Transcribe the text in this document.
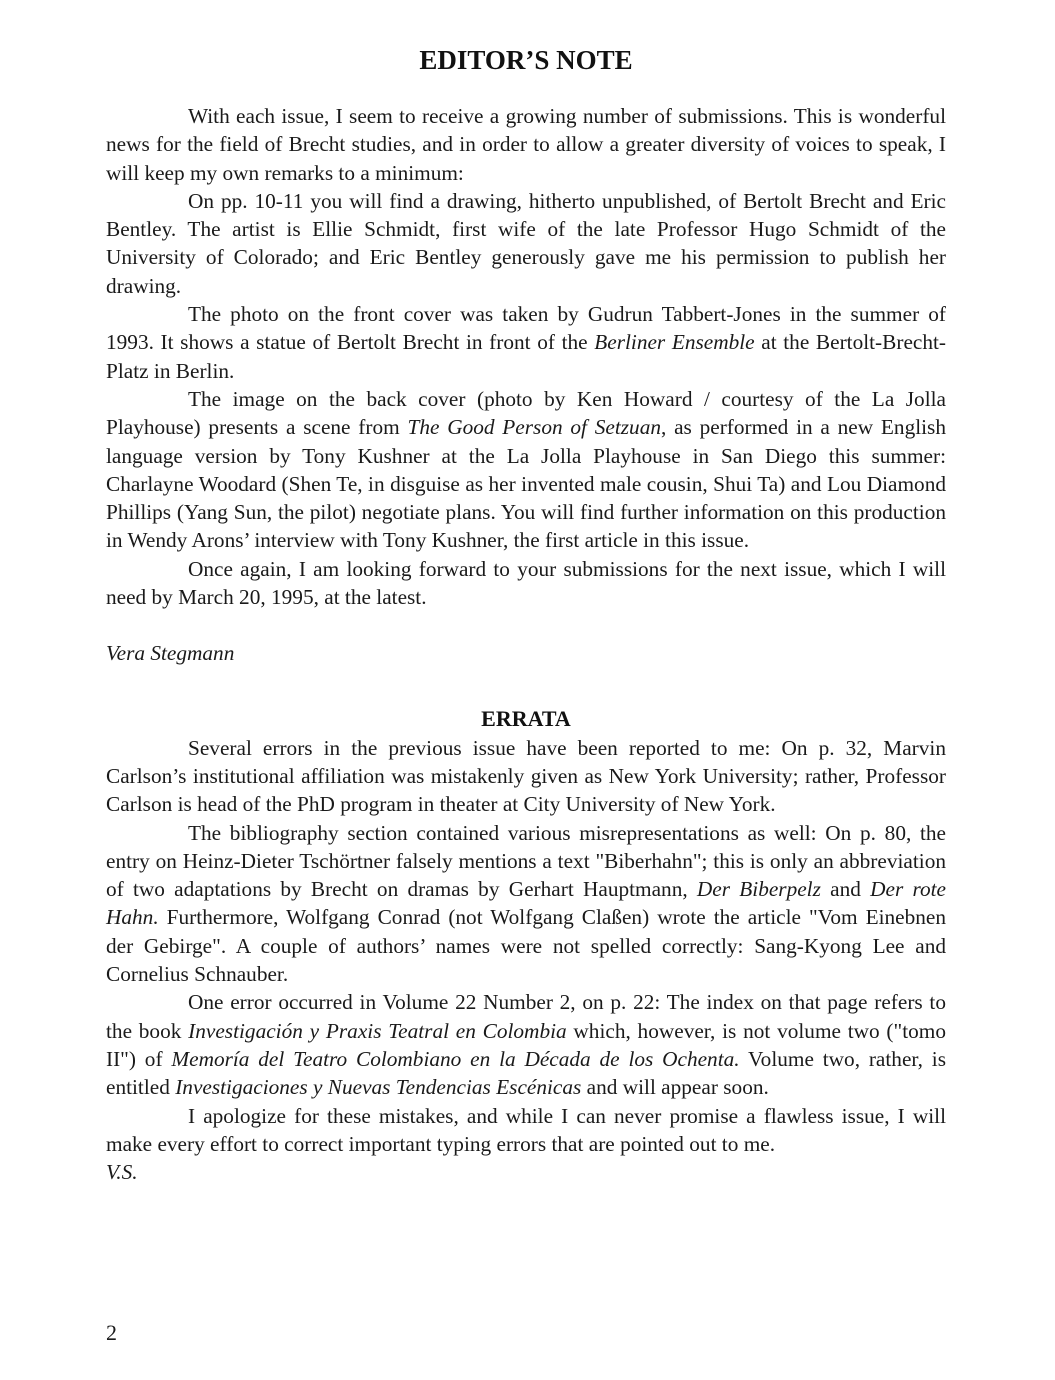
EDITOR’S NOTE

With each issue, I seem to receive a growing number of submissions. This is wonderful news for the field of Brecht studies, and in order to allow a greater diversity of voices to speak, I will keep my own remarks to a minimum:

On pp. 10-11 you will find a drawing, hitherto unpublished, of Bertolt Brecht and Eric Bentley. The artist is Ellie Schmidt, first wife of the late Professor Hugo Schmidt of the University of Colorado; and Eric Bentley generously gave me his permission to publish her drawing.

The photo on the front cover was taken by Gudrun Tabbert-Jones in the summer of 1993. It shows a statue of Bertolt Brecht in front of the Berliner Ensemble at the Bertolt-Brecht-Platz in Berlin.

The image on the back cover (photo by Ken Howard / courtesy of the La Jolla Playhouse) presents a scene from The Good Person of Setzuan, as performed in a new English language version by Tony Kushner at the La Jolla Playhouse in San Diego this summer: Charlayne Woodard (Shen Te, in disguise as her invented male cousin, Shui Ta) and Lou Diamond Phillips (Yang Sun, the pilot) negotiate plans. You will find further information on this production in Wendy Arons’ interview with Tony Kushner, the first article in this issue.

Once again, I am looking forward to your submissions for the next issue, which I will need by March 20, 1995, at the latest.

Vera Stegmann

ERRATA

Several errors in the previous issue have been reported to me: On p. 32, Marvin Carlson’s institutional affiliation was mistakenly given as New York University; rather, Professor Carlson is head of the PhD program in theater at City University of New York.

The bibliography section contained various misrepresentations as well: On p. 80, the entry on Heinz-Dieter Tschörtner falsely mentions a text "Biberhahn"; this is only an abbreviation of two adaptations by Brecht on dramas by Gerhart Hauptmann, Der Biberpelz and Der rote Hahn. Furthermore, Wolfgang Conrad (not Wolfgang Claßen) wrote the article "Vom Einebnen der Gebirge". A couple of authors’ names were not spelled correctly: Sang-Kyong Lee and Cornelius Schnauber.

One error occurred in Volume 22 Number 2, on p. 22: The index on that page refers to the book Investigación y Praxis Teatral en Colombia which, however, is not volume two ("tomo II") of Memoría del Teatro Colombiano en la Década de los Ochenta. Volume two, rather, is entitled Investigaciones y Nuevas Tendencias Escénicas and will appear soon.

I apologize for these mistakes, and while I can never promise a flawless issue, I will make every effort to correct important typing errors that are pointed out to me.

V.S.

2
